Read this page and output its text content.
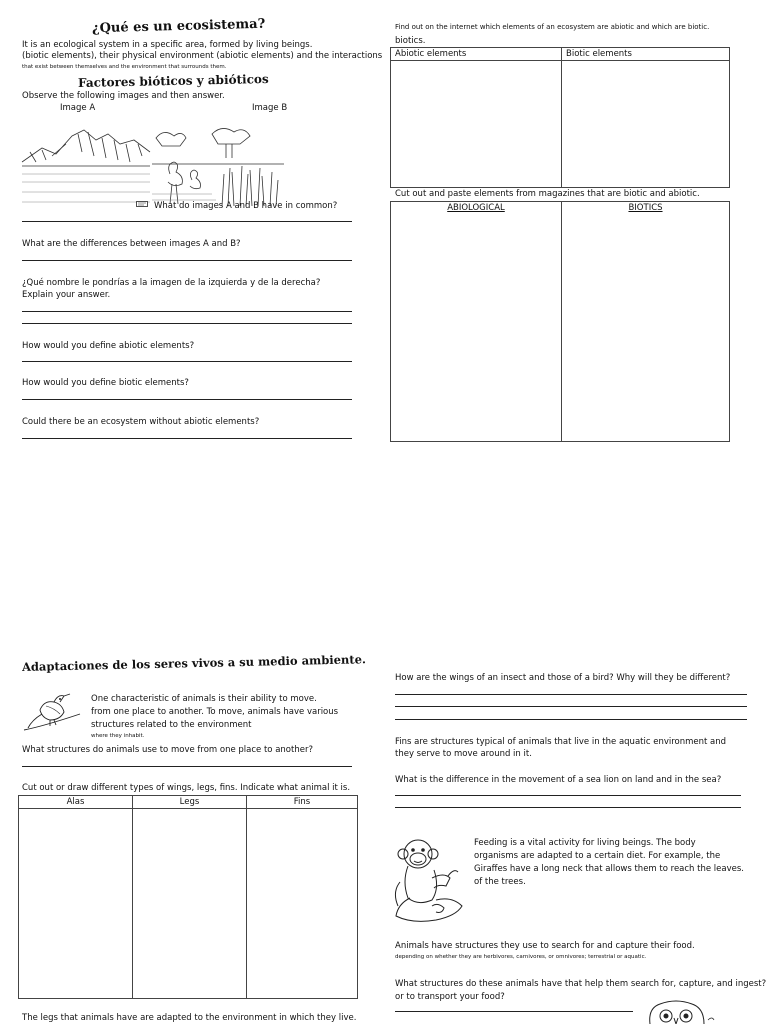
¿Qué es un ecosistema?
It is an ecological system in a specific area, formed by living beings.
(biotic elements), their physical environment (abiotic elements) and the interactions
that exist between themselves and the environment that surrounds them.
Factores bióticos y abióticos
Observe the following images and then answer.
Image A	Image B
What do images A and B have in common?
What are the differences between images A and B?
¿Qué nombre le pondrías a la imagen de la izquierda y de la derecha?
Explain your answer.
How would you define abiotic elements?
How would you define biotic elements?
Could there be an ecosystem without abiotic elements?
Find out on the internet which elements of an ecosystem are abiotic and which are biotic.
biotics.
Abiotic elements	Biotic elements

Cut out and paste elements from magazines that are biotic and abiotic.
ABIOLOGICAL	BIOTICS

Adaptaciones de los seres vivos a su medio ambiente.
One characteristic of animals is their ability to move.
from one place to another. To move, animals have various
structures related to the environment
where they inhabit.
What structures do animals use to move from one place to another?
Cut out or draw different types of wings, legs, fins. Indicate what animal it is.
Alas	Legs	Fins

The legs that animals have are adapted to the environment in which they live.
How are the wings of an insect and those of a bird? Why will they be different?
Fins are structures typical of animals that live in the aquatic environment and
they serve to move around in it.
What is the difference in the movement of a sea lion on land and in the sea?
Feeding is a vital activity for living beings. The body
organisms are adapted to a certain diet. For example, the
Giraffes have a long neck that allows them to reach the leaves.
of the trees.
Animals have structures they use to search for and capture their food.
depending on whether they are herbivores, carnivores, or omnivores; terrestrial or aquatic.
What structures do these animals have that help them search for, capture, and ingest?
or to transport your food?
